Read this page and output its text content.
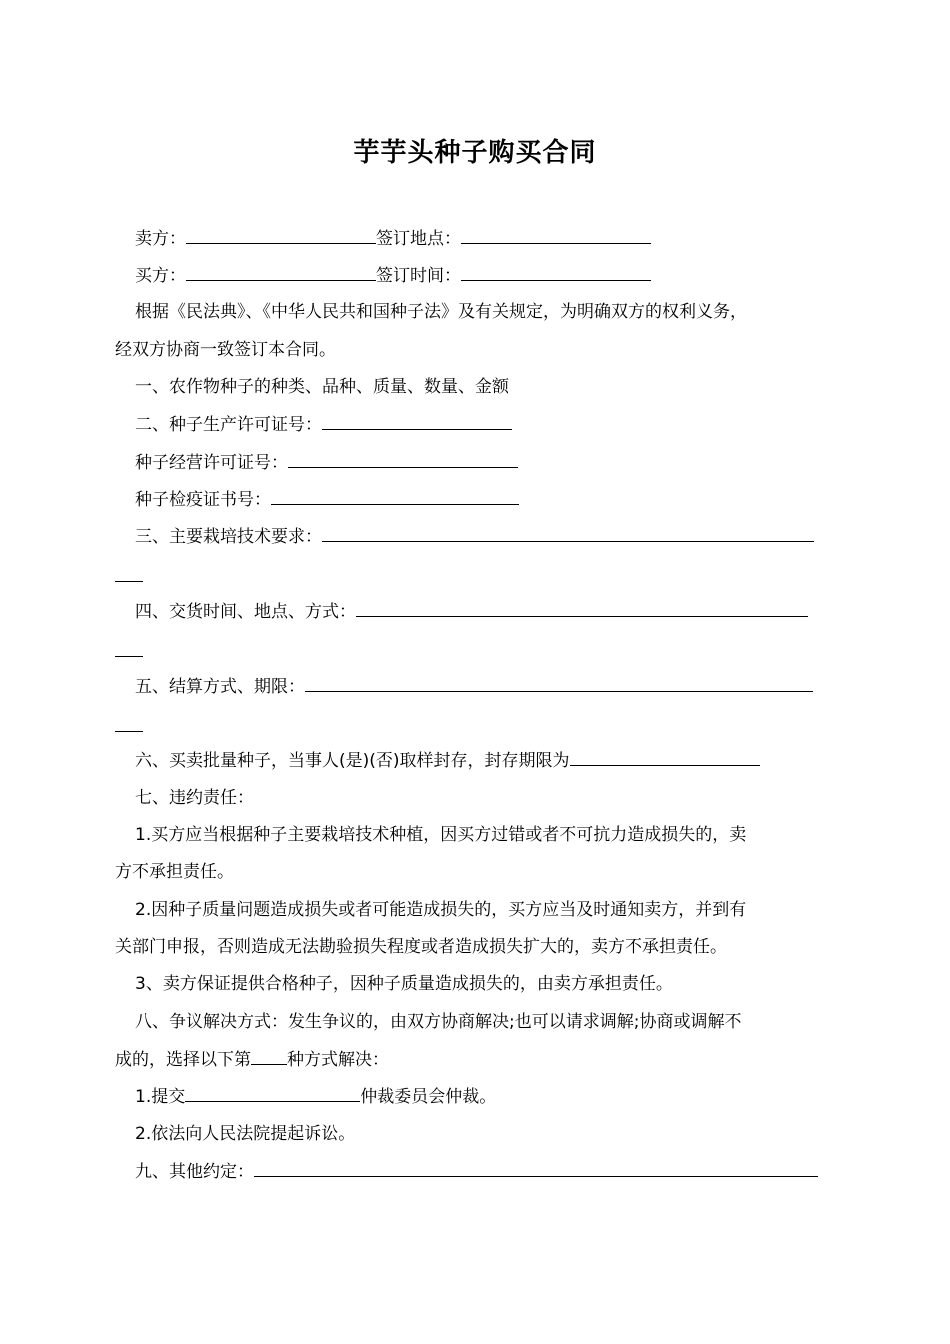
芋芋头种子购买合同
卖方：	签订地点：
买方：	签订时间：
根据《民法典》、《中华人民共和国种子法》及有关规定，为明确双方的权利义务，
经双方协商一致签订本合同。
一、农作物种子的种类、品种、质量、数量、金额
二、种子生产许可证号：
种子经营许可证号：
种子检疫证书号：
三、主要栽培技术要求：
四、交货时间、地点、方式：
五、结算方式、期限：
六、买卖批量种子，当事人(是)(否)取样封存，封存期限为
七、违约责任：
1.买方应当根据种子主要栽培技术种植，因买方过错或者不可抗力造成损失的，卖
方不承担责任。
2.因种子质量问题造成损失或者可能造成损失的，买方应当及时通知卖方，并到有
关部门申报，否则造成无法勘验损失程度或者造成损失扩大的，卖方不承担责任。
3、卖方保证提供合格种子，因种子质量造成损失的，由卖方承担责任。
八、争议解决方式：发生争议的，由双方协商解决;也可以请求调解;协商或调解不
成的，选择以下第 种方式解决：
1.提交	仲裁委员会仲裁。
2.依法向人民法院提起诉讼。
九、其他约定：
